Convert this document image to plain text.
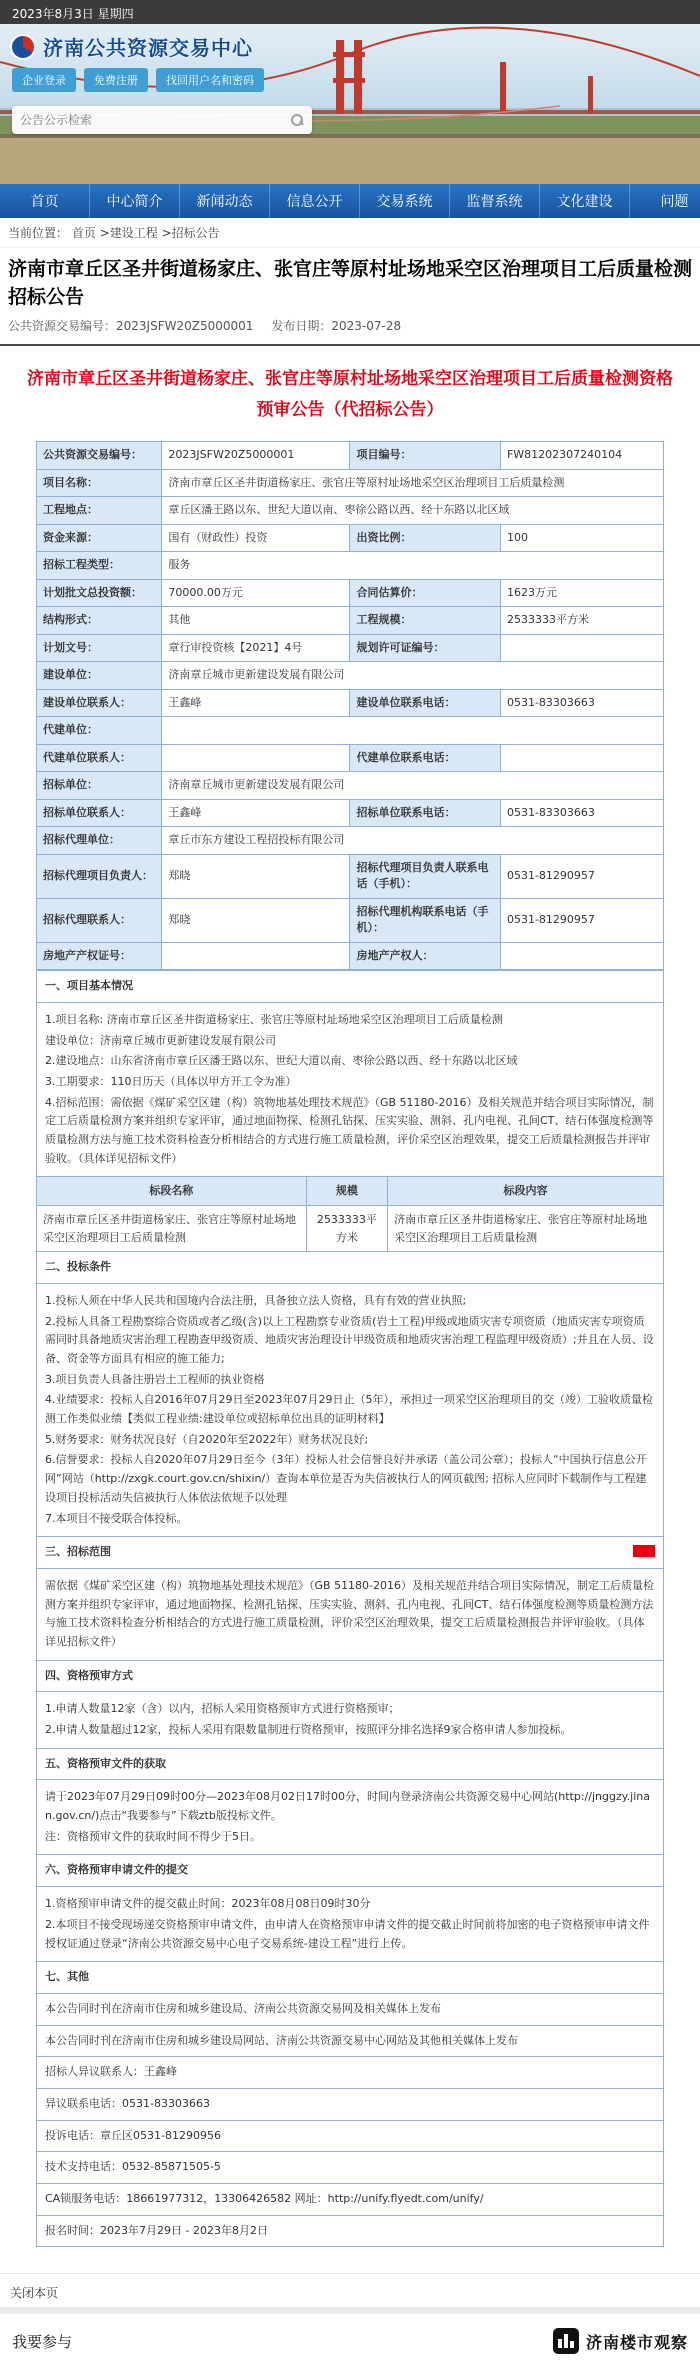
2023年8月3日 星期四
济南公共资源交易中心
企业登录	免费注册	找回用户名和密码
公告公示检索
首页	中心简介	新闻动态	信息公开	交易系统	监督系统	文化建设	问题
当前位置： 首页 > 建设工程 > 招标公告
济南市章丘区圣井街道杨家庄、张官庄等原村址场地采空区治理项目工后质量检测招标公告
公共资源交易编号：2023JSFW20Z5000001 发布日期：2023-07-28
济南市章丘区圣井街道杨家庄、张官庄等原村址场地采空区治理项目工后质量检测资格预审公告（代招标公告）
公共资源交易编号：	2023JSFW20Z5000001	项目编号：	FW81202307240104
项目名称：	济南市章丘区圣井街道杨家庄、张官庄等原村址场地采空区治理项目工后质量检测		
工程地点：	章丘区潘王路以东、世纪大道以南、枣徐公路以西、经十东路以北区域		
资金来源：	国有（财政性）投资	出资比例：	100
招标工程类型：	服务		
计划批文总投资额：	70000.00万元	合同估算价：	1623万元
结构形式：	其他	工程规模：	2533333平方米
计划文号：	章行审投资核【2021】4号	规划许可证编号：	
建设单位：	济南章丘城市更新建设发展有限公司		
建设单位联系人：	王鑫峰	建设单位联系电话：	0531-83303663
代建单位：			
代建单位联系人：		代建单位联系电话：	
招标单位：	济南章丘城市更新建设发展有限公司		
招标单位联系人：	王鑫峰	招标单位联系电话：	0531-83303663
招标代理单位：	章丘市东方建设工程招投标有限公司		
招标代理项目负责人：	郑晓	招标代理项目负责人联系电话（手机）：	0531-81290957
招标代理联系人：	郑晓	招标代理机构联系电话（手机）：	0531-81290957
房地产产权证号：		房地产产权人：	
一、项目基本情况

1.项目名称: 济南市章丘区圣井街道杨家庄、张官庄等原村址场地采空区治理项目工后质量检测

建设单位：济南章丘城市更新建设发展有限公司

2.建设地点：山东省济南市章丘区潘王路以东、世纪大道以南、枣徐公路以西、经十东路以北区域

3.工期要求：110日历天（具体以甲方开工令为准）

4.招标范围：需依据《煤矿采空区建（构）筑物地基处理技术规范》（GB 51180-2016）及相关规范并结合项目实际情况，制定工后质量检测方案并组织专家评审，通过地面物探、检测孔钻探、压实实验、测斜、孔内电视、孔间CT、结石体强度检测等质量检测方法与施工技术资料检查分析相结合的方式进行施工质量检测，评价采空区治理效果，提交工后质量检测报告并评审验收。（具体详见招标文件）

标段名称	规模	标段内容
济南市章丘区圣井街道杨家庄、张官庄等原村址场地采空区治理项目工后质量检测	2533333平方米	济南市章丘区圣井街道杨家庄、张官庄等原村址场地采空区治理项目工后质量检测
二、投标条件

1.投标人须在中华人民共和国境内合法注册，具备独立法人资格，具有有效的营业执照;

2.投标人具备工程勘察综合资质或者乙级(含)以上工程勘察专业资质(岩土工程)甲级或地质灾害专项资质（地质灾害专项资质需同时具备地质灾害治理工程勘查甲级资质、地质灾害治理设计甲级资质和地质灾害治理工程监理甲级资质）;并且在人员、设备、资金等方面具有相应的施工能力;

3.项目负责人具备注册岩土工程师的执业资格

4.业绩要求：投标人自2016年07月29日至2023年07月29日止（5年），承担过一项采空区治理项目的交（竣）工验收质量检测工作类似业绩【类似工程业绩:建设单位或招标单位出具的证明材料】

5.财务要求：财务状况良好（自2020年至2022年）财务状况良好;

6.信誉要求：投标人自2020年07月29日至今（3年）投标人社会信誉良好并承诺（盖公司公章）；投标人“中国执行信息公开网”网站（http://zxgk.court.gov.cn/shixin/）查询本单位是否为失信被执行人的网页截图; 招标人应同时下载制作与工程建设项目投标活动失信被执行人体依法依规予以处理

7.本项目不接受联合体投标。

三、招标范围

需依据《煤矿采空区建（构）筑物地基处理技术规范》（GB 51180-2016）及相关规范并结合项目实际情况，制定工后质量检测方案并组织专家评审，通过地面物探、检测孔钻探、压实实验、测斜、孔内电视、孔间CT、结石体强度检测等质量检测方法与施工技术资料检查分析相结合的方式进行施工质量检测，评价采空区治理效果，提交工后质量检测报告并评审验收。（具体详见招标文件）

四、资格预审方式

1.申请人数量12家（含）以内，招标人采用资格预审方式进行资格预审；

2.申请人数量超过12家，投标人采用有限数量制进行资格预审，按照评分排名选择9家合格申请人参加投标。

五、资格预审文件的获取

请于2023年07月29日09时00分—2023年08月02日17时00分，时间内登录济南公共资源交易中心网站(http://jnggzy.jinan.gov.cn/)点击“我要参与”下载ztb版投标文件。

注：资格预审文件的获取时间不得少于5日。

六、资格预审申请文件的提交

1.资格预审申请文件的提交截止时间：2023年08月08日09时30分

2.本项目不接受现场递交资格预审申请文件，由申请人在资格预审申请文件的提交截止时间前将加密的电子资格预审申请文件授权证通过登录“济南公共资源交易中心电子交易系统-建设工程”进行上传。

七、其他
本公告同时刊在济南市住房和城乡建设局、济南公共资源交易网及相关媒体上发布
本公告同时刊在济南市住房和城乡建设局网站、济南公共资源交易中心网站及其他相关媒体上发布
招标人异议联系人：王鑫峰
异议联系电话：0531-83303663
投诉电话：章丘区0531-81290956
技术支持电话：0532-85871505-5
CA锁服务电话：18661977312，13306426582 网址：http://unify.flyedt.com/unify/
报名时间：2023年7月29日 - 2023年8月2日
关闭本页
我要参与	济南楼市观察
